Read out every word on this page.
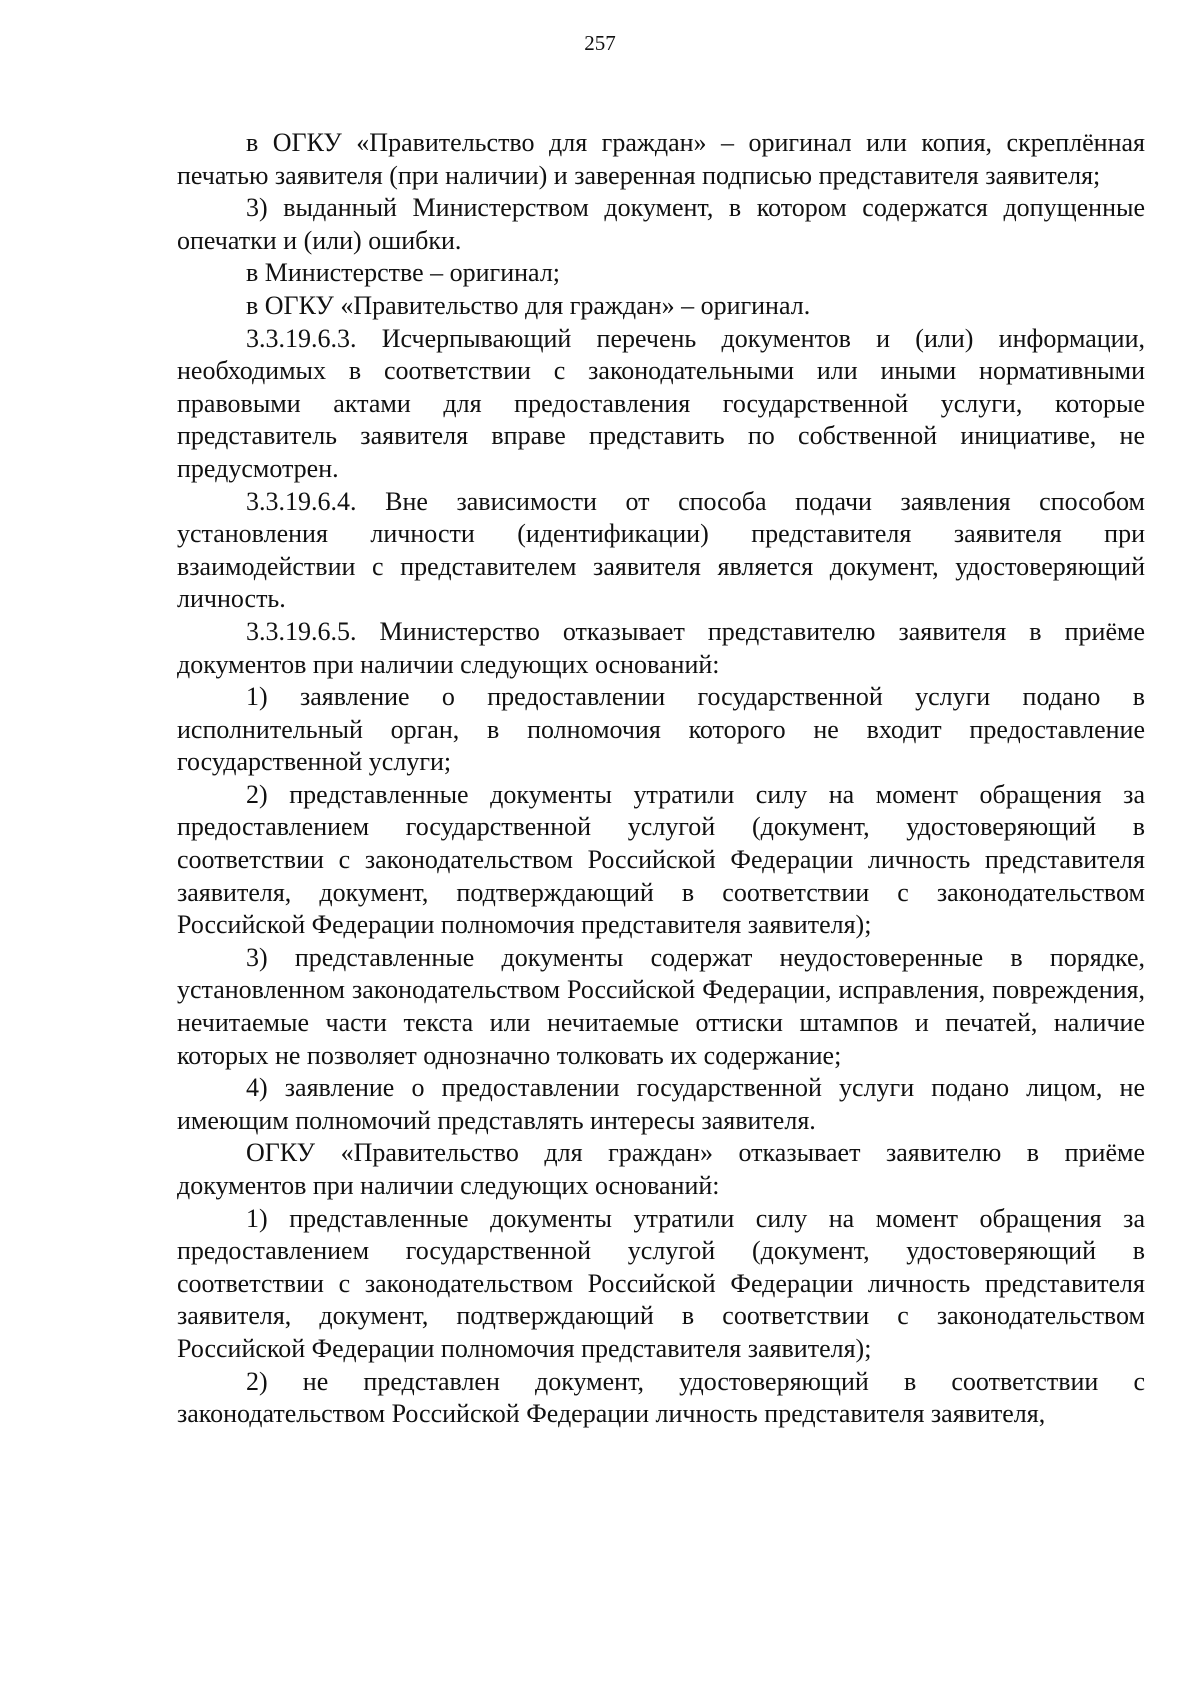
257

в ОГКУ «Правительство для граждан» – оригинал или копия, скреплённая печатью заявителя (при наличии) и заверенная подписью представителя заявителя;

3) выданный Министерством документ, в котором содержатся допущенные опечатки и (или) ошибки.

в Министерстве – оригинал;

в ОГКУ «Правительство для граждан» – оригинал.

3.3.19.6.3. Исчерпывающий перечень документов и (или) информации, необходимых в соответствии с законодательными или иными нормативными правовыми актами для предоставления государственной услуги, которые представитель заявителя вправе представить по собственной инициативе, не предусмотрен.

3.3.19.6.4. Вне зависимости от способа подачи заявления способом установления личности (идентификации) представителя заявителя при взаимодействии с представителем заявителя является документ, удостоверяющий личность.

3.3.19.6.5. Министерство отказывает представителю заявителя в приёме документов при наличии следующих оснований:

1) заявление о предоставлении государственной услуги подано в исполнительный орган, в полномочия которого не входит предоставление государственной услуги;

2) представленные документы утратили силу на момент обращения за предоставлением государственной услугой (документ, удостоверяющий в соответствии с законодательством Российской Федерации личность представителя заявителя, документ, подтверждающий в соответствии с законодательством Российской Федерации полномочия представителя заявителя);

3) представленные документы содержат неудостоверенные в порядке, установленном законодательством Российской Федерации, исправления, повреждения, нечитаемые части текста или нечитаемые оттиски штампов и печатей, наличие которых не позволяет однозначно толковать их содержание;

4) заявление о предоставлении государственной услуги подано лицом, не имеющим полномочий представлять интересы заявителя.

ОГКУ «Правительство для граждан» отказывает заявителю в приёме документов при наличии следующих оснований:

1) представленные документы утратили силу на момент обращения за предоставлением государственной услугой (документ, удостоверяющий в соответствии с законодательством Российской Федерации личность представителя заявителя, документ, подтверждающий в соответствии с законодательством Российской Федерации полномочия представителя заявителя);

2) не представлен документ, удостоверяющий в соответствии с законодательством Российской Федерации личность представителя заявителя,
